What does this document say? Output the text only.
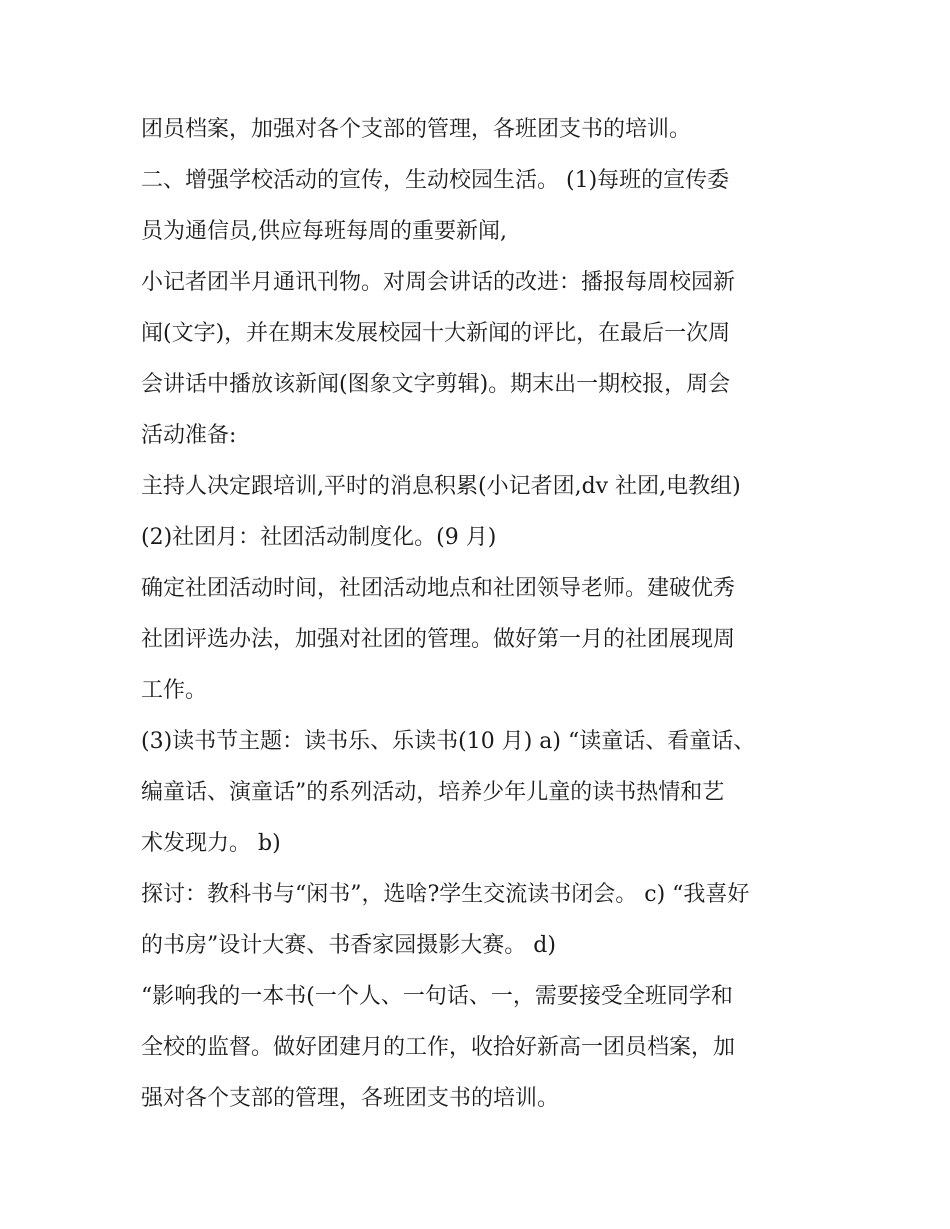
团员档案，加强对各个支部的管理，各班团支书的培训。
二、增强学校活动的宣传，生动校园生活。 (1)每班的宣传委
员为通信员,供应每班每周的重要新闻,
小记者团半月通讯刊物。对周会讲话的改进：播报每周校园新
闻(文字)，并在期末发展校园十大新闻的评比，在最后一次周
会讲话中播放该新闻(图象文字剪辑)。期末出一期校报，周会
活动准备:
主持人决定跟培训,平时的消息积累(小记者团,dv 社团,电教组)
(2)社团月：社团活动制度化。(9 月)
确定社团活动时间，社团活动地点和社团领导老师。建破优秀
社团评选办法，加强对社团的管理。做好第一月的社团展现周
工作。
(3)读书节主题：读书乐、乐读书(10 月) a) “读童话、看童话、
编童话、演童话”的系列活动，培养少年儿童的读书热情和艺
术发现力。 b)
探讨：教科书与“闲书”，选啥?学生交流读书闭会。 c) “我喜好
的书房”设计大赛、书香家园摄影大赛。 d)
“影响我的一本书(一个人、一句话、一，需要接受全班同学和
全校的监督。做好团建月的工作，收拾好新高一团员档案，加
强对各个支部的管理，各班团支书的培训。
